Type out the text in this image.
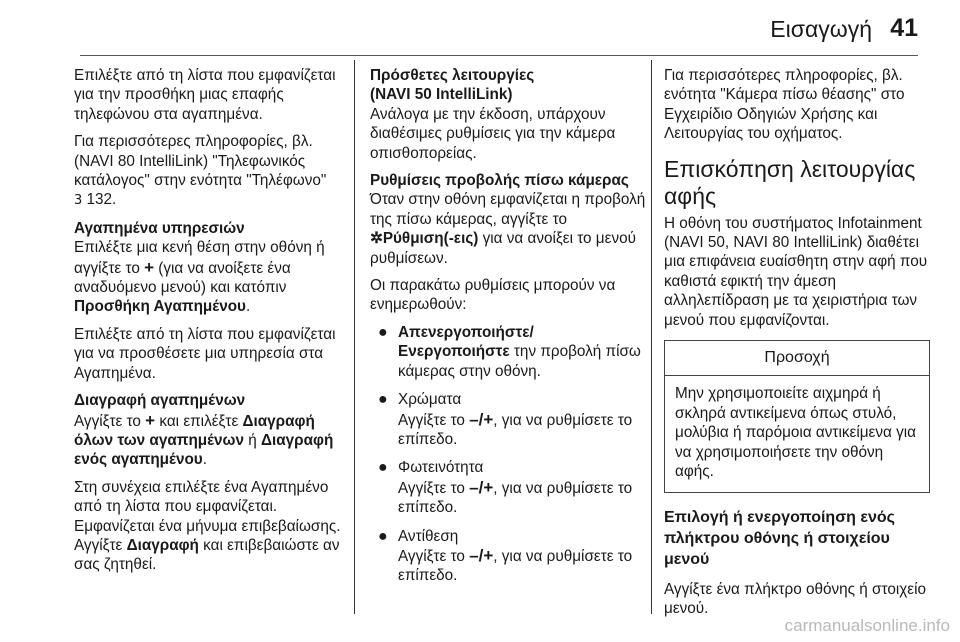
Εισαγωγή 41

Επιλέξτε από τη λίστα που εμφανίζεται για την προσθήκη μιας επαφής τηλεφώνου στα αγαπημένα.

Για περισσότερες πληροφορίες, βλ. (NAVI 80 IntelliLink) "Τηλεφωνικός κατάλογος" στην ενότητα "Τηλέφωνο"
3 132.

Αγαπημένα υπηρεσιών

Επιλέξτε μια κενή θέση στην οθόνη ή αγγίξτε το + (για να ανοίξετε ένα αναδυόμενο μενού) και κατόπιν Προσθήκη Αγαπημένου.

Επιλέξτε από τη λίστα που εμφανίζεται για να προσθέσετε μια υπηρεσία στα Αγαπημένα.

Διαγραφή αγαπημένων

Αγγίξτε το + και επιλέξτε Διαγραφή όλων των αγαπημένων ή Διαγραφή ενός αγαπημένου.

Στη συνέχεια επιλέξτε ένα Αγαπημένο από τη λίστα που εμφανίζεται. Εμφανίζεται ένα μήνυμα επιβεβαίωσης. Αγγίξτε Διαγραφή και επιβεβαιώστε αν σας ζητηθεί.

Πρόσθετες λειτουργίες

(NAVI 50 IntelliLink)

Ανάλογα με την έκδοση, υπάρχουν διαθέσιμες ρυθμίσεις για την κάμερα οπισθοπορείας.

Ρυθμίσεις προβολής πίσω κάμερας

Όταν στην οθόνη εμφανίζεται η προβολή της πίσω κάμερας, αγγίξτε το ✲Ρύθμιση(-εις) για να ανοίξει το μενού ρυθμίσεων.

Οι παρακάτω ρυθμίσεις μπορούν να ενημερωθούν:

● Απενεργοποιήστε/ Ενεργοποιήστε την προβολή πίσω κάμερας στην οθόνη.
● Χρώματα
Αγγίξτε το –/+, για να ρυθμίσετε το επίπεδο.
● Φωτεινότητα
Αγγίξτε το –/+, για να ρυθμίσετε το επίπεδο.
● Αντίθεση
Αγγίξτε το –/+, για να ρυθμίσετε το επίπεδο.

Για περισσότερες πληροφορίες, βλ. ενότητα "Κάμερα πίσω θέασης" στο Εγχειρίδιο Οδηγιών Χρήσης και Λειτουργίας του οχήματος.

Επισκόπηση λειτουργίας αφής

Η οθόνη του συστήματος Infotainment (NAVI 50, NAVI 80 IntelliLink) διαθέτει μια επιφάνεια ευαίσθητη στην αφή που καθιστά εφικτή την άμεση αλληλεπίδραση με τα χειριστήρια των μενού που εμφανίζονται.

Προσοχή
Μην χρησιμοποιείτε αιχμηρά ή σκληρά αντικείμενα όπως στυλό, μολύβια ή παρόμοια αντικείμενα για να χρησιμοποιήσετε την οθόνη αφής.
Επιλογή ή ενεργοποίηση ενός πλήκτρου οθόνης ή στοιχείου μενού

Αγγίξτε ένα πλήκτρο οθόνης ή στοιχείο μενού.

carmanualsonline.info
